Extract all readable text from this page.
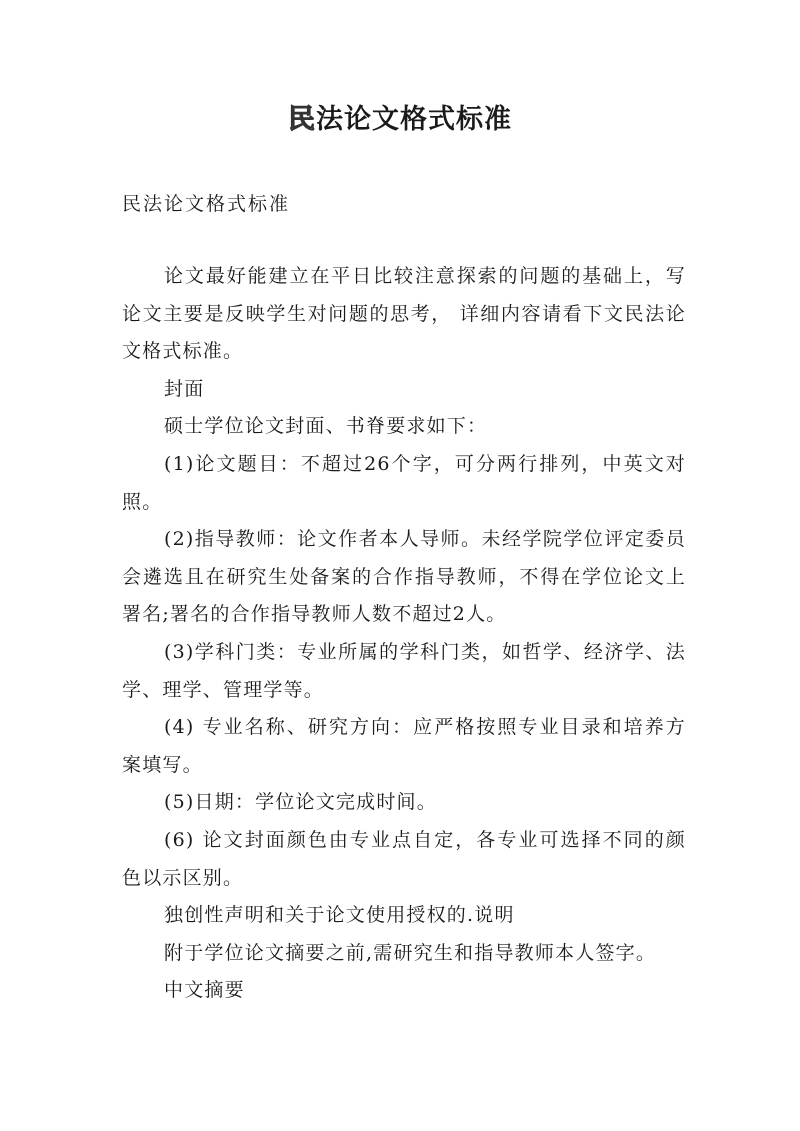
民法论文格式标准

民法论文格式标准

论文最好能建立在平日比较注意探索的问题的基础上，写论文主要是反映学生对问题的思考， 详细内容请看下文民法论文格式标准。

封面

硕士学位论文封面、书脊要求如下：

(1)论文题目：不超过26个字，可分两行排列，中英文对照。

(2)指导教师：论文作者本人导师。未经学院学位评定委员会遴选且在研究生处备案的合作指导教师，不得在学位论文上署名;署名的合作指导教师人数不超过2人。

(3)学科门类：专业所属的学科门类，如哲学、经济学、法学、理学、管理学等。

(4) 专业名称、研究方向：应严格按照专业目录和培养方案填写。

(5)日期：学位论文完成时间。

(6) 论文封面颜色由专业点自定，各专业可选择不同的颜色以示区别。

独创性声明和关于论文使用授权的.说明

附于学位论文摘要之前,需研究生和指导教师本人签字。

中文摘要
